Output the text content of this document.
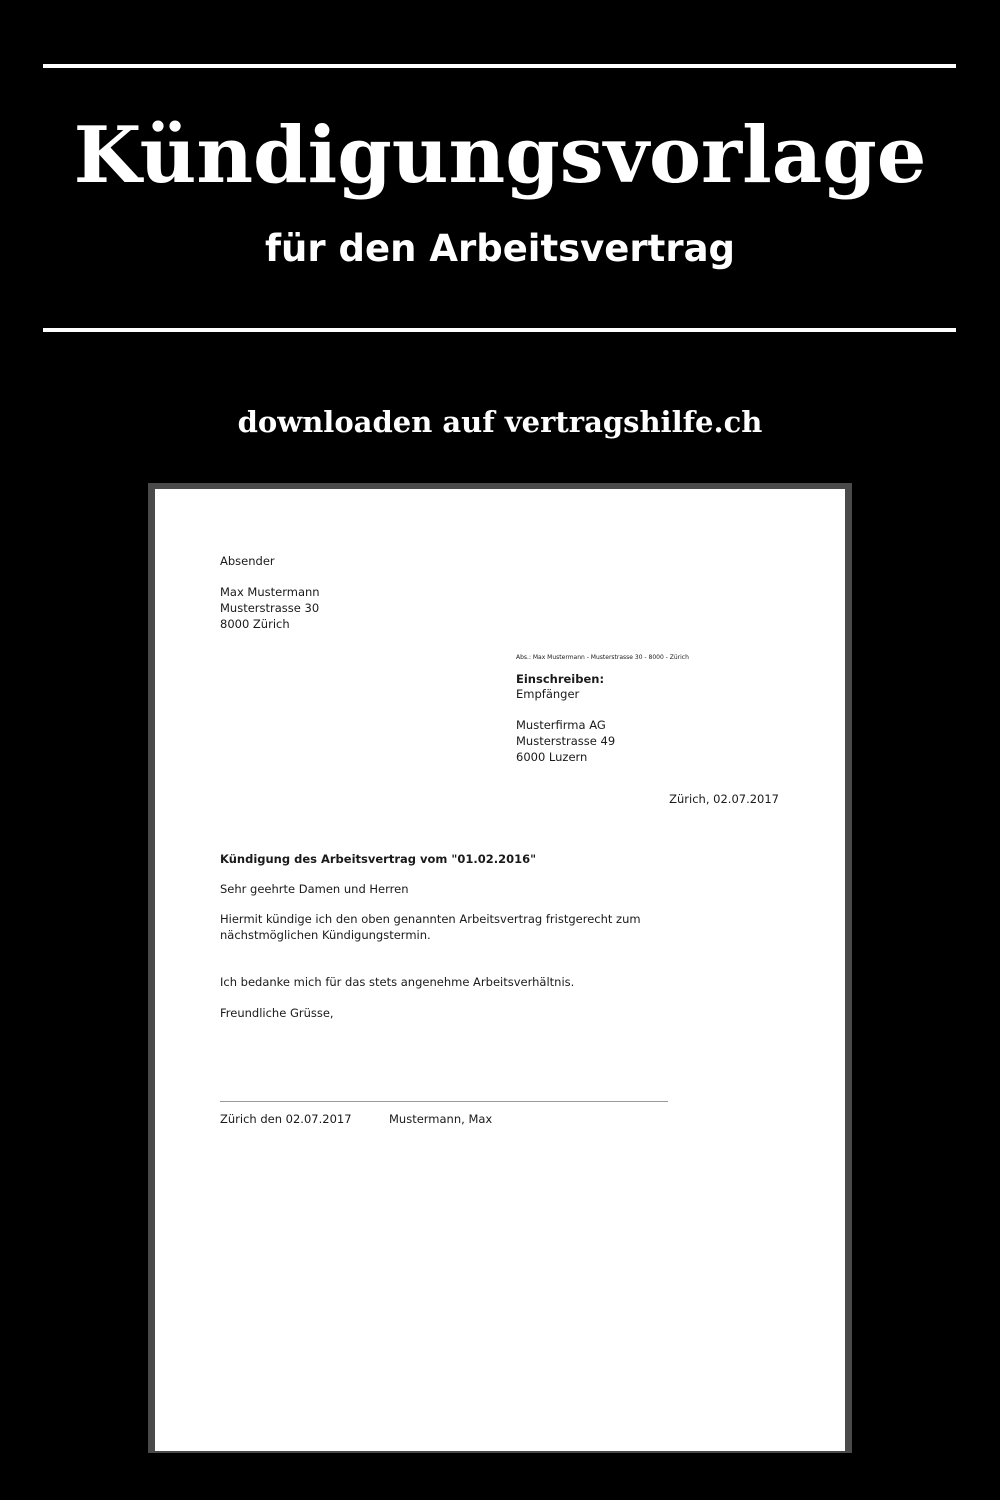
Kündigungsvorlage
für den Arbeitsvertrag
downloaden auf vertragshilfe.ch
Absender
Max Mustermann
Musterstrasse 30
8000 Zürich
Abs.: Max Mustermann - Musterstrasse 30 - 8000 - Zürich
Einschreiben:
Empfänger
Musterfirma AG
Musterstrasse 49
6000 Luzern
Zürich, 02.07.2017
Kündigung des Arbeitsvertrag vom "01.02.2016"
Sehr geehrte Damen und Herren
Hiermit kündige ich den oben genannten Arbeitsvertrag fristgerecht zum nächstmöglichen Kündigungstermin.
Ich bedanke mich für das stets angenehme Arbeitsverhältnis.
Freundliche Grüsse,
Zürich den 02.07.2017	Mustermann, Max
